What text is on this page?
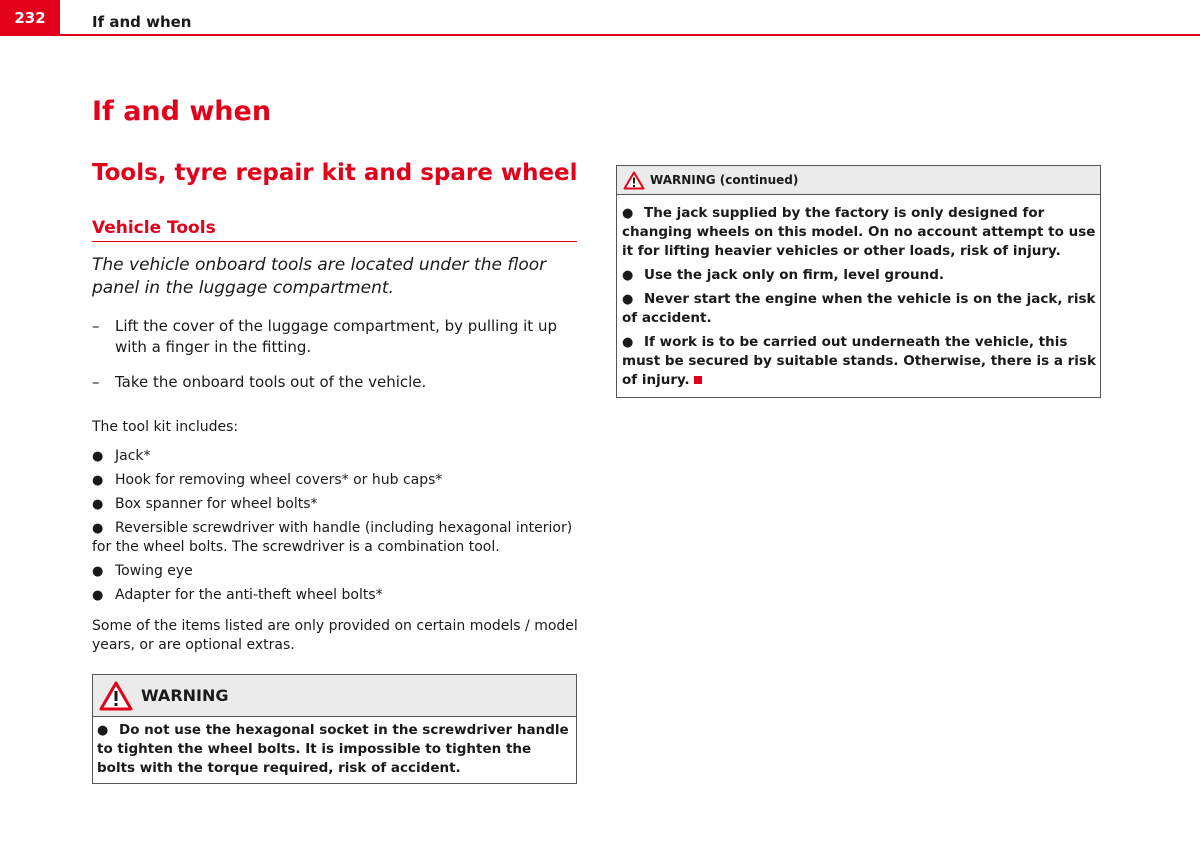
232	If and when
If and when
Tools, tyre repair kit and spare wheel
Vehicle Tools

The vehicle onboard tools are located under the floor panel in the luggage compartment.

– Lift the cover of the luggage compartment, by pulling it up with a finger in the fitting.
– Take the onboard tools out of the vehicle.

The tool kit includes:

● Jack*
● Hook for removing wheel covers* or hub caps*
● Box spanner for wheel bolts*
● Reversible screwdriver with handle (including hexagonal interior) for the wheel bolts. The screwdriver is a combination tool.
● Towing eye
● Adapter for the anti-theft wheel bolts*

Some of the items listed are only provided on certain models / model years, or are optional extras.

WARNING
● Do not use the hexagonal socket in the screwdriver handle to tighten the wheel bolts. It is impossible to tighten the bolts with the torque required, risk of accident.
WARNING (continued)

● The jack supplied by the factory is only designed for changing wheels on this model. On no account attempt to use it for lifting heavier vehicles or other loads, risk of injury.

● Use the jack only on firm, level ground.

● Never start the engine when the vehicle is on the jack, risk of accident.

● If work is to be carried out underneath the vehicle, this must be secured by suitable stands. Otherwise, there is a risk of injury.
